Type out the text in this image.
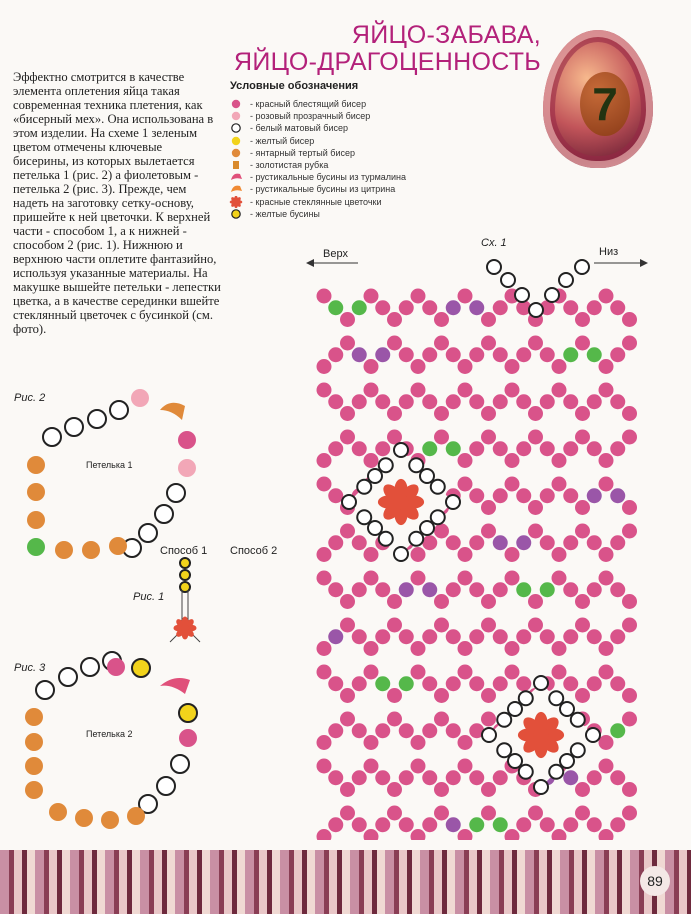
ЯЙЦО-ЗАБАВА,
ЯЙЦО-ДРАГОЦЕННОСТЬ
7
Эффектно смотрится в качестве элемента оплетения яйца такая современная техника плетения, как «бисерный мех». Она использована в этом изделии. На схеме 1 зеленым цветом отмечены ключевые бисерины, из которых вылетается петелька 1 (рис. 2) а фиолетовым - петелька 2 (рис. 3). Прежде, чем надеть на заготовку сетку-основу, пришейте к ней цветочки. К верхней части - способом 1, а к нижней - способом 2 (рис. 1). Нижнюю и верхнюю части оплетите фантазийно, используя указанные материалы. На макушке вышейте петельки - лепестки цветка, а в качестве серединки вшейте стеклянный цветочек с бусинкой (см. фото).
Условные обозначения
- красный блестящий бисер
- розовый прозрачный бисер
- белый матовый бисер
- желтый бисер
- янтарный тертый бисер
- золотистая рубка
- рустикальные бусины из турмалина
- рустикальные бусины из цитрина
- красные стеклянные цветочки
- желтые бусины
Сх. 1
Верх	Низ
Рис. 2
Петелька 1
Рис. 1
Способ 1 Способ 2
Рис. 3
Петелька 2
89
